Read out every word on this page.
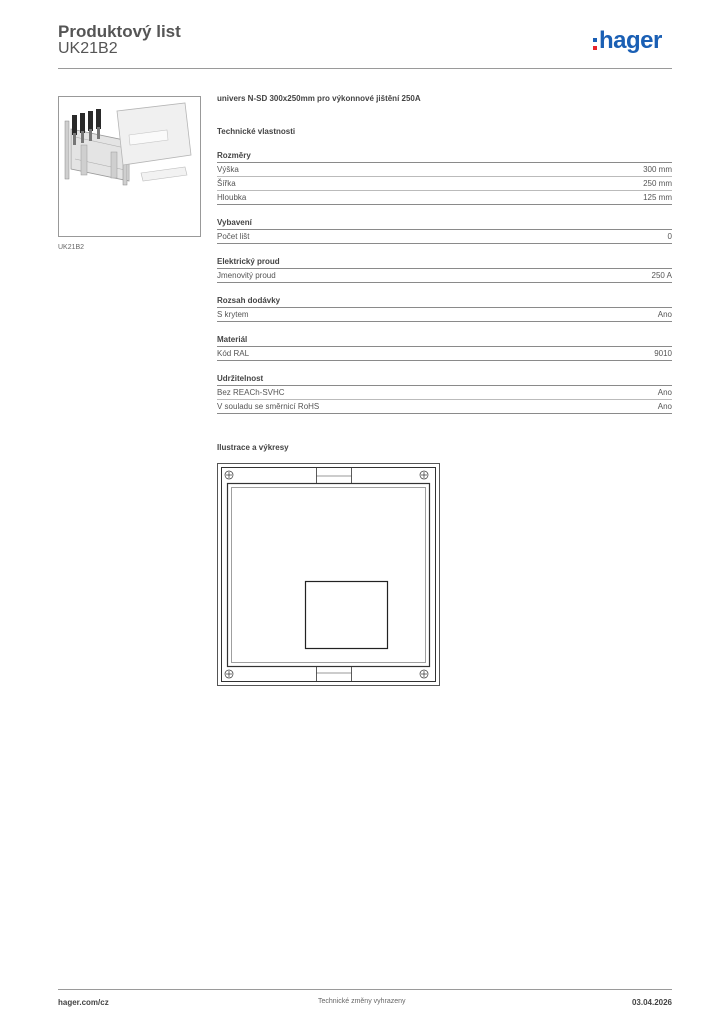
Produktový list
UK21B2	hager
UK21B2
univers N-SD 300x250mm pro výkonnové jištění 250A
Technické vlastnosti
Rozměry
Výška	300 mm
Šířka	250 mm
Hloubka	125 mm
Vybavení
Počet lišt	0
Elektrický proud
Jmenovitý proud	250 A
Rozsah dodávky
S krytem	Ano
Materiál
Kód RAL	9010
Udržitelnost
Bez REACh-SVHC	Ano
V souladu se směrnicí RoHS	Ano
Ilustrace a výkresy
hager.com/cz	Technické změny vyhrazeny	03.04.2026
